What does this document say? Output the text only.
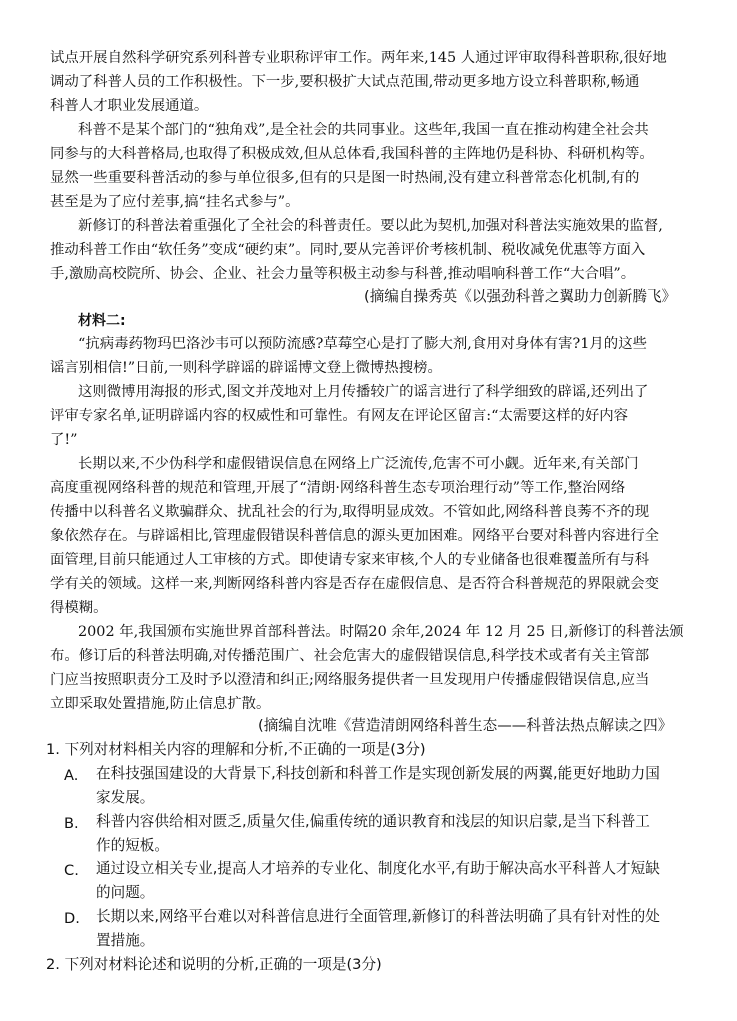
试点开展自然科学研究系列科普专业职称评审工作。两年来,145 人通过评审取得科普职称,很好地
调动了科普人员的工作积极性。下一步,要积极扩大试点范围,带动更多地方设立科普职称,畅通
科普人才职业发展通道。
科普不是某个部门的“独角戏”,是全社会的共同事业。这些年,我国一直在推动构建全社会共
同参与的大科普格局,也取得了积极成效,但从总体看,我国科普的主阵地仍是科协、科研机构等。
显然一些重要科普活动的参与单位很多,但有的只是图一时热闹,没有建立科普常态化机制,有的
甚至是为了应付差事,搞“挂名式参与”。
新修订的科普法着重强化了全社会的科普责任。要以此为契机,加强对科普法实施效果的监督,
推动科普工作由“软任务”变成“硬约束”。同时,要从完善评价考核机制、税收减免优惠等方面入
手,激励高校院所、协会、企业、社会力量等积极主动参与科普,推动唱响科普工作“大合唱”。
(摘编自操秀英《以强劲科普之翼助力创新腾飞》
材料二:
“抗病毒药物玛巴洛沙韦可以预防流感?草莓空心是打了膨大剂,食用对身体有害?1月的这些
谣言别相信!”日前,一则科学辟谣的辟谣博文登上微博热搜榜。
这则微博用海报的形式,图文并茂地对上月传播较广的谣言进行了科学细致的辟谣,还列出了
评审专家名单,证明辟谣内容的权威性和可靠性。有网友在评论区留言:“太需要这样的好内容
了!”
长期以来,不少伪科学和虚假错误信息在网络上广泛流传,危害不可小觑。近年来,有关部门
高度重视网络科普的规范和管理,开展了“清朗·网络科普生态专项治理行动”等工作,整治网络
传播中以科普名义欺骗群众、扰乱社会的行为,取得明显成效。不管如此,网络科普良莠不齐的现
象依然存在。与辟谣相比,管理虚假错误科普信息的源头更加困难。网络平台要对科普内容进行全
面管理,目前只能通过人工审核的方式。即使请专家来审核,个人的专业储备也很难覆盖所有与科
学有关的领域。这样一来,判断网络科普内容是否存在虚假信息、是否符合科普规范的界限就会变
得模糊。
2002 年,我国颁布实施世界首部科普法。时隔20 余年,2024 年 12 月 25 日,新修订的科普法颁
布。修订后的科普法明确,对传播范围广、社会危害大的虚假错误信息,科学技术或者有关主管部
门应当按照职责分工及时予以澄清和纠正;网络服务提供者一旦发现用户传播虚假错误信息,应当
立即采取处置措施,防止信息扩散。
(摘编自沈唯《营造清朗网络科普生态——科普法热点解读之四》
1. 下列对材料相关内容的理解和分析,不正确的一项是(3分)
A. 在科技强国建设的大背景下,科技创新和科普工作是实现创新发展的两翼,能更好地助力国
家发展。
B. 科普内容供给相对匮乏,质量欠佳,偏重传统的通识教育和浅层的知识启蒙,是当下科普工
作的短板。
C. 通过设立相关专业,提高人才培养的专业化、制度化水平,有助于解决高水平科普人才短缺
的问题。
D. 长期以来,网络平台难以对科普信息进行全面管理,新修订的科普法明确了具有针对性的处
置措施。
2. 下列对材料论述和说明的分析,正确的一项是(3分)
